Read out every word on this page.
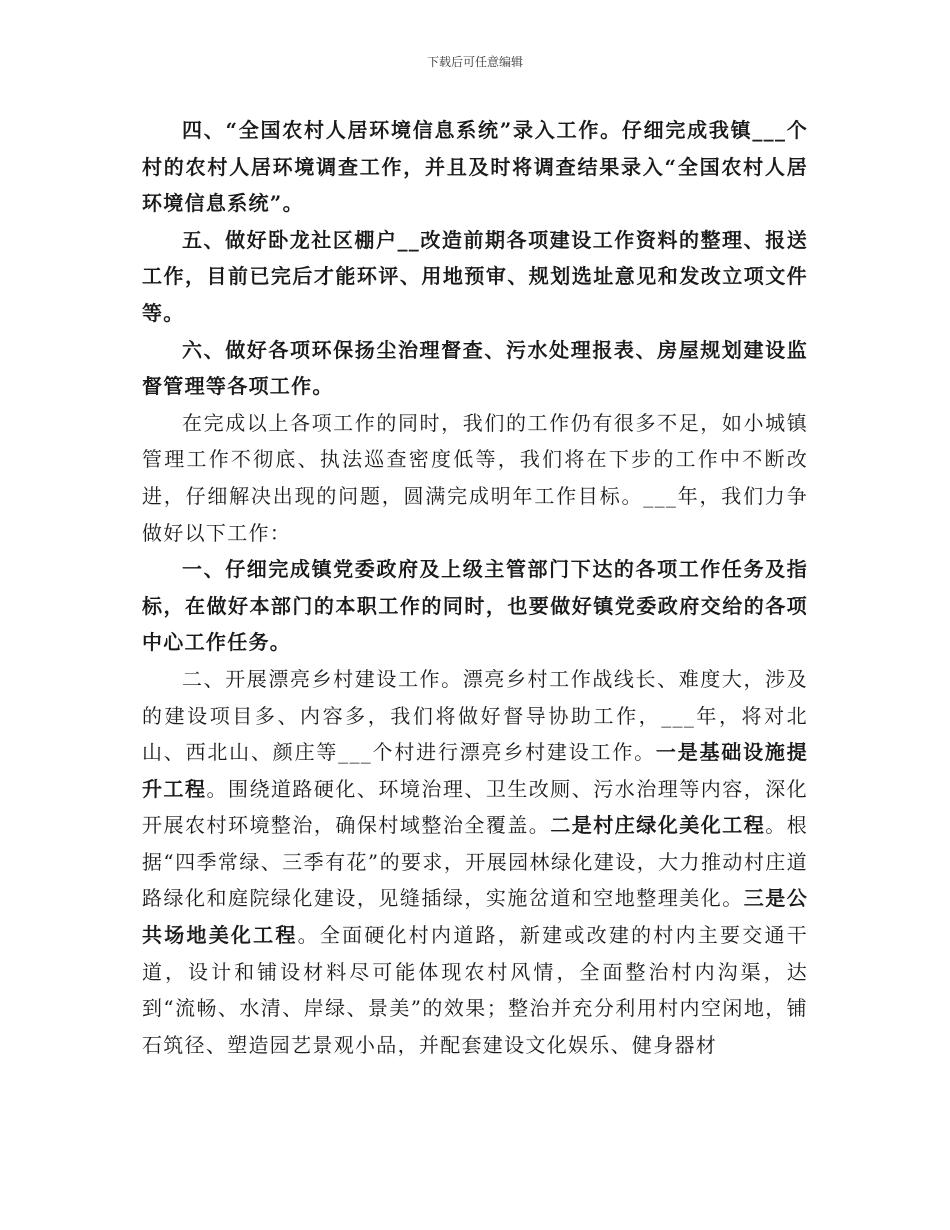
下载后可任意编辑

四、“全国农村人居环境信息系统”录入工作。仔细完成我镇___个村的农村人居环境调查工作，并且及时将调查结果录入“全国农村人居环境信息系统”。

五、做好卧龙社区棚户__改造前期各项建设工作资料的整理、报送工作，目前已完后才能环评、用地预审、规划选址意见和发改立项文件等。

六、做好各项环保扬尘治理督查、污水处理报表、房屋规划建设监督管理等各项工作。

在完成以上各项工作的同时，我们的工作仍有很多不足，如小城镇管理工作不彻底、执法巡查密度低等，我们将在下步的工作中不断改进，仔细解决出现的问题，圆满完成明年工作目标。___年，我们力争做好以下工作：

一、仔细完成镇党委政府及上级主管部门下达的各项工作任务及指标，在做好本部门的本职工作的同时，也要做好镇党委政府交给的各项中心工作任务。

二、开展漂亮乡村建设工作。漂亮乡村工作战线长、难度大，涉及的建设项目多、内容多，我们将做好督导协助工作，___年，将对北山、西北山、颜庄等___个村进行漂亮乡村建设工作。一是基础设施提升工程。围绕道路硬化、环境治理、卫生改厕、污水治理等内容，深化开展农村环境整治，确保村域整治全覆盖。二是村庄绿化美化工程。根据“四季常绿、三季有花”的要求，开展园林绿化建设，大力推动村庄道路绿化和庭院绿化建设，见缝插绿，实施岔道和空地整理美化。三是公共场地美化工程。全面硬化村内道路，新建或改建的村内主要交通干道，设计和铺设材料尽可能体现农村风情，全面整治村内沟渠，达到“流畅、水清、岸绿、景美”的效果；整治并充分利用村内空闲地，铺石筑径、塑造园艺景观小品，并配套建设文化娱乐、健身器材
